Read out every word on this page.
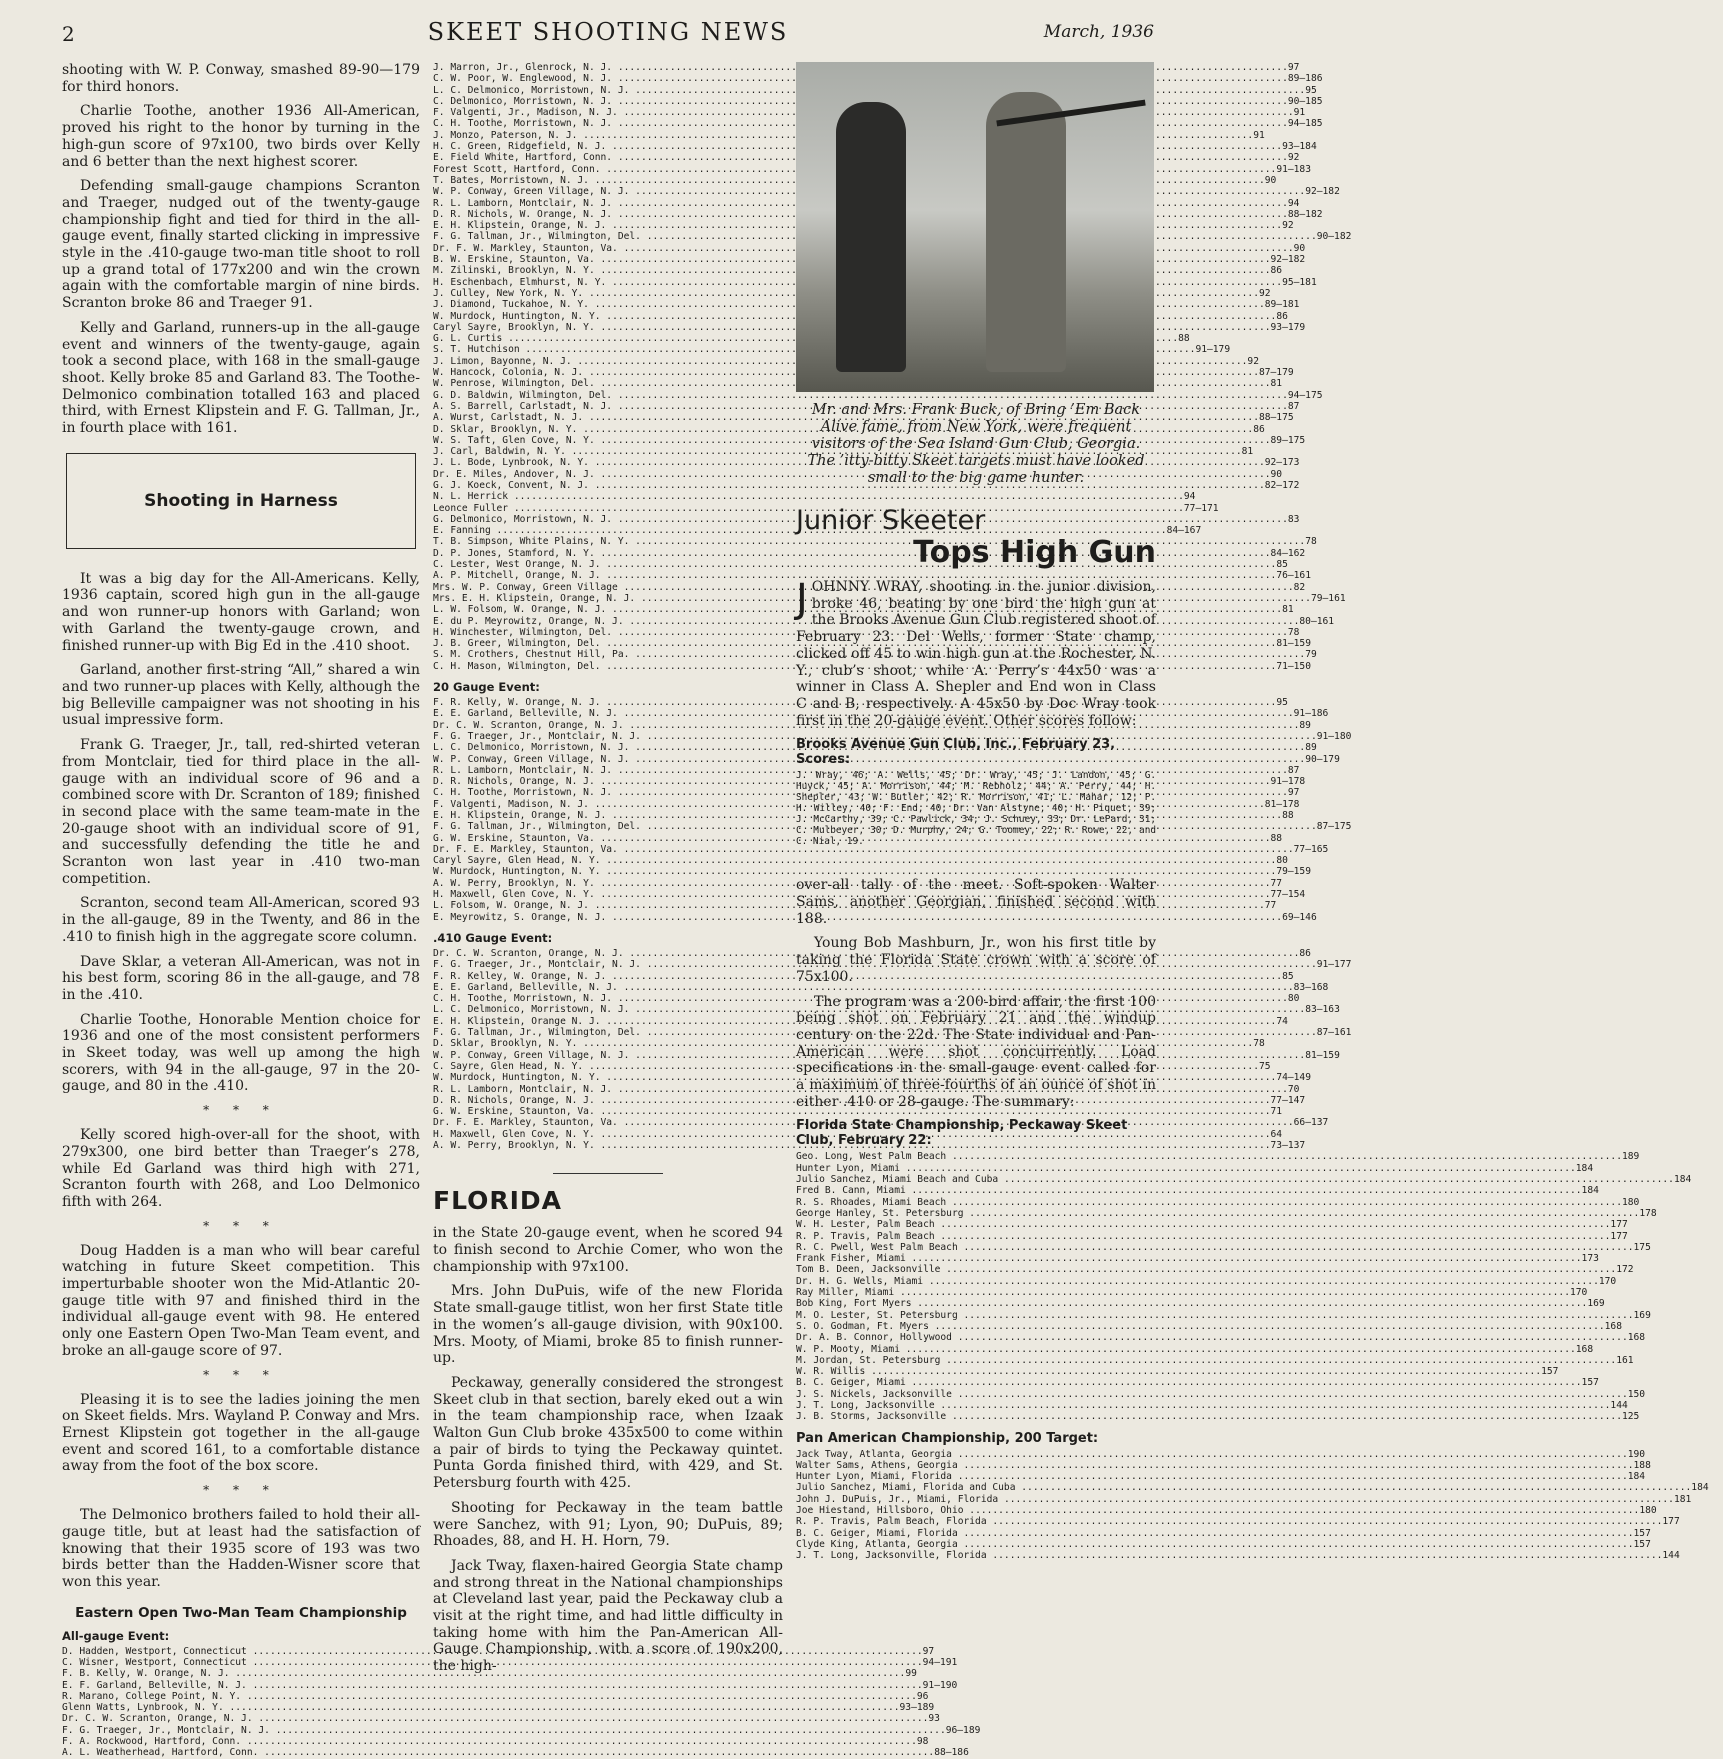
2	SKEET SHOOTING NEWS	March, 1936

shooting with W. P. Conway, smashed 89-90—179 for third honors.

Charlie Toothe, another 1936 All-American, proved his right to the honor by turning in the high-gun score of 97x100, two birds over Kelly and 6 better than the next highest scorer.

Defending small-gauge champions Scranton and Traeger, nudged out of the twenty-gauge championship fight and tied for third in the all-gauge event, finally started clicking in impressive style in the .410-gauge two-man title shoot to roll up a grand total of 177x200 and win the crown again with the comfortable margin of nine birds. Scranton broke 86 and Traeger 91.

Kelly and Garland, runners-up in the all-gauge event and winners of the twenty-gauge, again took a second place, with 168 in the small-gauge shoot. Kelly broke 85 and Garland 83. The Toothe-Delmonico combination totalled 163 and placed third, with Ernest Klipstein and F. G. Tallman, Jr., in fourth place with 161.

Shooting in Harness

It was a big day for the All-Americans. Kelly, 1936 captain, scored high gun in the all-gauge and won runner-up honors with Garland; won with Garland the twenty-gauge crown, and finished runner-up with Big Ed in the .410 shoot.

Garland, another first-string “All,” shared a win and two runner-up places with Kelly, although the big Belleville campaigner was not shooting in his usual impressive form.

Frank G. Traeger, Jr., tall, red-shirted veteran from Montclair, tied for third place in the all-gauge with an individual score of 96 and a combined score with Dr. Scranton of 189; finished in second place with the same team-mate in the 20-gauge shoot with an individual score of 91, and successfully defending the title he and Scranton won last year in .410 two-man competition.

Scranton, second team All-American, scored 93 in the all-gauge, 89 in the Twenty, and 86 in the .410 to finish high in the aggregate score column.

Dave Sklar, a veteran All-American, was not in his best form, scoring 86 in the all-gauge, and 78 in the .410.

Charlie Toothe, Honorable Mention choice for 1936 and one of the most consistent performers in Skeet today, was well up among the high scorers, with 94 in the all-gauge, 97 in the 20-gauge, and 80 in the .410.

* * *

Kelly scored high-over-all for the shoot, with 279x300, one bird better than Traeger’s 278, while Ed Garland was third high with 271, Scranton fourth with 268, and Loo Delmonico fifth with 264.

* * *

Doug Hadden is a man who will bear careful watching in future Skeet competition. This imperturbable shooter won the Mid-Atlantic 20-gauge title with 97 and finished third in the individual all-gauge event with 98. He entered only one Eastern Open Two-Man Team event, and broke an all-gauge score of 97.

* * *

Pleasing it is to see the ladies joining the men on Skeet fields. Mrs. Wayland P. Conway and Mrs. Ernest Klipstein got together in the all-gauge event and scored 161, to a comfortable distance away from the foot of the box score.

* * *

The Delmonico brothers failed to hold their all-gauge title, but at least had the satisfaction of knowing that their 1935 score of 193 was two birds better than the Hadden-Wisner score that won this year.

Eastern Open Two-Man Team Championship
All-gauge Event:
D. Hadden, Westport, Connecticut .....	97
C. Wisner, Westport, Connecticut .....	94—191
F. B. Kelly, W. Orange, N. J. .....	99
E. F. Garland, Belleville, N. J. .....	91—190
R. Marano, College Point, N. Y. .....	96
Glenn Watts, Lynbrook, N. Y. .....	93—189
Dr. C. W. Scranton, Orange, N. J. .....	93
F. G. Traeger, Jr., Montclair, N. J. .....	96—189
F. A. Rockwood, Hartford, Conn. .....	98
A. L. Weatherhead, Hartford, Conn. .....	88—186
J. Marron, Jr., Glenrock, N. J. .....	97
C. W. Poor, W. Englewood, N. J. .....	89—186
L. C. Delmonico, Morristown, N. J. .....	95
C. Delmonico, Morristown, N. J. .....	90—185
F. Valgenti, Jr., Madison, N. J. .....	91
C. H. Toothe, Morristown, N. J. .....	94—185
J. Monzo, Paterson, N. J. .....	91
H. C. Green, Ridgefield, N. J. .....	93—184
E. Field White, Hartford, Conn. .....	92
Forest Scott, Hartford, Conn. .....	91—183
T. Bates, Morristown, N. J. .....	90
W. P. Conway, Green Village, N. J. .....	92—182
R. L. Lamborn, Montclair, N. J. .....	94
D. R. Nichols, W. Orange, N. J. .....	88—182
E. H. Klipstein, Orange, N. J. .....	92
F. G. Tallman, Jr., Wilmington, Del. .....	90—182
Dr. F. W. Markley, Staunton, Va. .....	90
B. W. Erskine, Staunton, Va. .....	92—182
M. Zilinski, Brooklyn, N. Y. .....	86
H. Eschenbach, Elmhurst, N. Y. .....	95—181
J. Culley, New York, N. Y. .....	92
J. Diamond, Tuckahoe, N. Y. .....	89—181
W. Murdock, Huntington, N. Y. .....	86
Caryl Sayre, Brooklyn, N. Y. .....	93—179
G. L. Curtis .....	88
S. T. Hutchison .....	91—179
J. Limon, Bayonne, N. J. .....	92
W. Hancock, Colonia, N. J. .....	87—179
W. Penrose, Wilmington, Del. .....	81
G. D. Baldwin, Wilmington, Del. .....	94—175
A. S. Barrell, Carlstadt, N. J. .....	87
A. Wurst, Carlstadt, N. J. .....	88—175
D. Sklar, Brooklyn, N. Y. .....	86
W. S. Taft, Glen Cove, N. Y. .....	89—175
J. Carl, Baldwin, N. Y. .....	81
J. L. Bode, Lynbrook, N. Y. .....	92—173
Dr. E. Miles, Andover, N. J. .....	90
G. J. Koeck, Convent, N. J. .....	82—172
N. L. Herrick .....	94
Leonce Fuller .....	77—171
G. Delmonico, Morristown, N. J. .....	83
E. Fanning .....	84—167
T. B. Simpson, White Plains, N. Y. .....	78
D. P. Jones, Stamford, N. Y. .....	84—162
C. Lester, West Orange, N. J. .....	85
A. P. Mitchell, Orange, N. J. .....	76—161
Mrs. W. P. Conway, Green Village .....	82
Mrs. E. H. Klipstein, Orange, N. J. .....	79—161
L. W. Folsom, W. Orange, N. J. .....	81
E. du P. Meyrowitz, Orange, N. J. .....	80—161
H. Winchester, Wilmington, Del. .....	78
J. B. Greer, Wilmington, Del. .....	81—159
S. M. Crothers, Chestnut Hill, Pa. .....	79
C. H. Mason, Wilmington, Del. .....	71—150
20 Gauge Event:
F. R. Kelly, W. Orange, N. J. .....	95
E. E. Garland, Belleville, N. J. .....	91—186
Dr. C. W. Scranton, Orange, N. J. .....	89
F. G. Traeger, Jr., Montclair, N. J. .....	91—180
L. C. Delmonico, Morristown, N. J. .....	89
W. P. Conway, Green Village, N. J. .....	90—179
R. L. Lamborn, Montclair, N. J. .....	87
D. R. Nichols, Orange, N. J. .....	91—178
C. H. Toothe, Morristown, N. J. .....	97
F. Valgenti, Madison, N. J. .....	81—178
E. H. Klipstein, Orange, N. J. .....	88
F. G. Tallman, Jr., Wilmington, Del. .....	87—175
G. W. Erskine, Staunton, Va. .....	88
Dr. F. E. Markley, Staunton, Va. .....	77—165
Caryl Sayre, Glen Head, N. Y. .....	80
W. Murdock, Huntington, N. Y. .....	79—159
A. W. Perry, Brooklyn, N. Y. .....	77
H. Maxwell, Glen Cove, N. Y. .....	77—154
L. Folsom, W. Orange, N. J. .....	77
E. Meyrowitz, S. Orange, N. J. .....	69—146
.410 Gauge Event:
Dr. C. W. Scranton, Orange, N. J. .....	86
F. G. Traeger, Jr., Montclair, N. J. .....	91—177
F. R. Kelley, W. Orange, N. J. .....	85
E. E. Garland, Belleville, N. J. .....	83—168
C. H. Toothe, Morristown, N. J. .....	80
L. C. Delmonico, Morristown, N. J. .....	83—163
E. H. Klipstein, Orange N. J. .....	74
F. G. Tallman, Jr., Wilmington, Del. .....	87—161
D. Sklar, Brooklyn, N. Y. .....	78
W. P. Conway, Green Village, N. J. .....	81—159
C. Sayre, Glen Head, N. Y. .....	75
W. Murdock, Huntington, N. Y. .....	74—149
R. L. Lamborn, Montclair, N. J. .....	70
D. R. Nichols, Orange, N. J. .....	77—147
G. W. Erskine, Staunton, Va. .....	71
Dr. F. E. Markley, Staunton, Va. .....	66—137
H. Maxwell, Glen Cove, N. Y. .....	64
A. W. Perry, Brooklyn, N. Y. .....	73—137
FLORIDA

in the State 20-gauge event, when he scored 94 to finish second to Archie Comer, who won the championship with 97x100.

Mrs. John DuPuis, wife of the new Florida State small-gauge titlist, won her first State title in the women’s all-gauge division, with 90x100. Mrs. Mooty, of Miami, broke 85 to finish runner-up.

Peckaway, generally considered the strongest Skeet club in that section, barely eked out a win in the team championship race, when Izaak Walton Gun Club broke 435x500 to come within a pair of birds to tying the Peckaway quintet. Punta Gorda finished third, with 429, and St. Petersburg fourth with 425.

Shooting for Peckaway in the team battle were Sanchez, with 91; Lyon, 90; DuPuis, 89; Rhoades, 88, and H. H. Horn, 79.

Jack Tway, flaxen-haired Georgia State champ and strong threat in the National championships at Cleveland last year, paid the Peckaway club a visit at the right time, and had little difficulty in taking home with him the Pan-American All-Gauge Championship, with a score of 190x200, the high-

Mr. and Mrs. Frank Buck, of Bring ’Em Back Alive fame, from New York, were frequent visitors of the Sea Island Gun Club, Georgia. The ’itty-bitty Skeet targets must have looked small to the big game hunter.
Junior Skeeter
Tops High Gun

JOHNNY WRAY, shooting in the junior division, broke 46, beating by one bird the high gun at the Brooks Avenue Gun Club registered shoot of February 23. Del Wells, former State champ, clicked off 45 to win high gun at the Rochester, N. Y., club’s shoot, while A. Perry’s 44x50 was a winner in Class A. Shepler and End won in Class C and B, respectively. A 45x50 by Doc Wray took first in the 20-gauge event. Other scores follow:

Brooks Avenue Gun Club, Inc., February 23, Scores:
J. Wray, 46; A. Wells, 45; Dr. Wray, 45; J. Landon, 45; G. Huyck, 45; A. Morrison, 44; M. Rebholz, 44; A. Perry, 44; H. Shepler, 43; W. Butler, 42; R. Morrison, 41; L. Mahar, 12; P. H. Willey, 40; F. End, 40; Dr. Van Alstyne, 40; H. Piquet, 39; J. McCarthy, 39; C. Pawlick, 34; J. Schuey, 33; Dr. LePard, 31; C. Mulbeyer, 30; D. Murphy, 24; G. Toomey, 22; R. Rowe, 22, and C. Nial, 19.

over-all tally of the meet. Soft-spoken Walter Sams, another Georgian, finished second with 188.

Young Bob Mashburn, Jr., won his first title by taking the Florida State crown with a score of 75x100.

The program was a 200-bird affair, the first 100 being shot on February 21 and the windup century on the 22d. The State individual and Pan-American were shot concurrently. Load specifications in the small-gauge event called for a maximum of three-fourths of an ounce of shot in either .410 or 28-gauge. The summary:

Florida State Championship, Peckaway Skeet Club, February 22:
Geo. Long, West Palm Beach .....	189
Hunter Lyon, Miami .....	184
Julio Sanchez, Miami Beach and Cuba .....	184
Fred B. Cann, Miami .....	184
R. S. Rhoades, Miami Beach .....	180
George Hanley, St. Petersburg .....	178
W. H. Lester, Palm Beach .....	177
R. P. Travis, Palm Beach .....	177
R. C. Pwell, West Palm Beach .....	175
Frank Fisher, Miami .....	173
Tom B. Deen, Jacksonville .....	172
Dr. H. G. Wells, Miami .....	170
Ray Miller, Miami .....	170
Bob King, Fort Myers .....	169
M. O. Lester, St. Petersburg .....	169
S. O. Godman, Ft. Myers .....	168
Dr. A. B. Connor, Hollywood .....	168
W. P. Mooty, Miami .....	168
M. Jordan, St. Petersburg .....	161
W. R. Willis .....	157
B. C. Geiger, Miami .....	157
J. S. Nickels, Jacksonville .....	150
J. T. Long, Jacksonville .....	144
J. B. Storms, Jacksonville .....	125
Pan American Championship, 200 Target:
Jack Tway, Atlanta, Georgia .....	190
Walter Sams, Athens, Georgia .....	188
Hunter Lyon, Miami, Florida .....	184
Julio Sanchez, Miami, Florida and Cuba .....	184
John J. DuPuis, Jr., Miami, Florida .....	181
Joe Hiestand, Hillsboro, Ohio .....	180
R. P. Travis, Palm Beach, Florida .....	177
B. C. Geiger, Miami, Florida .....	157
Clyde King, Atlanta, Georgia .....	157
J. T. Long, Jacksonville, Florida .....	144
